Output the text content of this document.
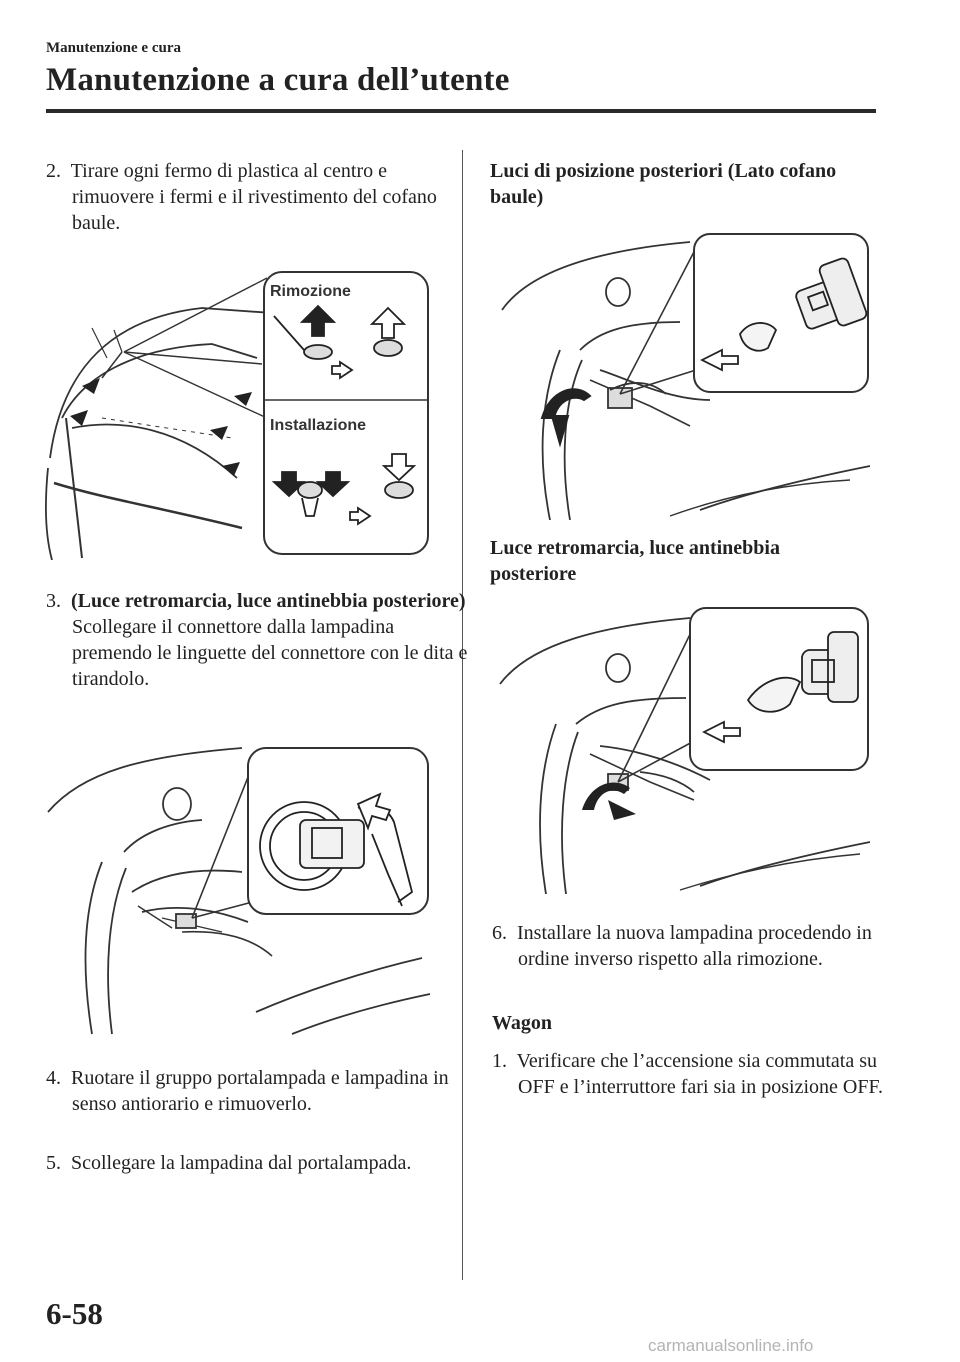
Manutenzione e cura
Manutenzione a cura dell’utente

2. Tirare ogni fermo di plastica al centro e rimuovere i fermi e il rivestimento del cofano baule.

Rimozione
Installazione

3. (Luce retromarcia, luce antinebbia posteriore)
Scollegare il connettore dalla lampadina premendo le linguette del connettore con le dita e tirandolo.

4. Ruotare il gruppo portalampada e lampadina in senso antiorario e rimuoverlo.

5. Scollegare la lampadina dal portalampada.

Luci di posizione posteriori (Lato cofano baule)

Luce retromarcia, luce antinebbia posteriore

6. Installare la nuova lampadina procedendo in ordine inverso rispetto alla rimozione.

Wagon

1. Verificare che l’accensione sia commutata su OFF e l’interruttore fari sia in posizione OFF.

6-58
carmanualsonline.info
